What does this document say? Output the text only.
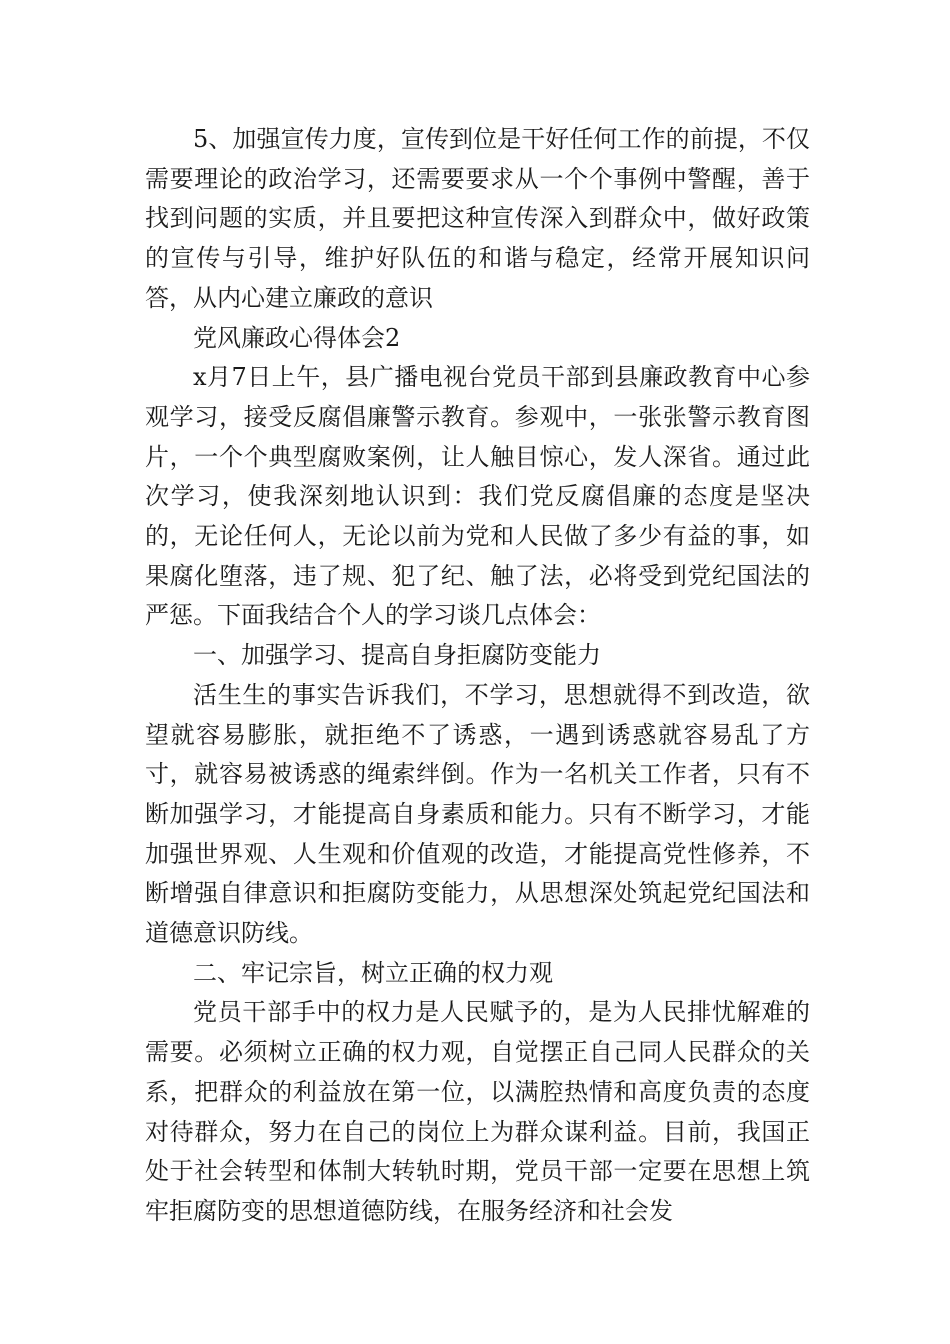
5、加强宣传力度，宣传到位是干好任何工作的前提，不仅需要理论的政治学习，还需要要求从一个个事例中警醒，善于找到问题的实质，并且要把这种宣传深入到群众中，做好政策的宣传与引导，维护好队伍的和谐与稳定，经常开展知识问答，从内心建立廉政的意识

党风廉政心得体会2

x月7日上午，县广播电视台党员干部到县廉政教育中心参观学习，接受反腐倡廉警示教育。参观中，一张张警示教育图片，一个个典型腐败案例，让人触目惊心，发人深省。通过此次学习，使我深刻地认识到：我们党反腐倡廉的态度是坚决的，无论任何人，无论以前为党和人民做了多少有益的事，如果腐化堕落，违了规、犯了纪、触了法，必将受到党纪国法的严惩。下面我结合个人的学习谈几点体会：

一、加强学习、提高自身拒腐防变能力

活生生的事实告诉我们，不学习，思想就得不到改造，欲望就容易膨胀，就拒绝不了诱惑，一遇到诱惑就容易乱了方寸，就容易被诱惑的绳索绊倒。作为一名机关工作者，只有不断加强学习，才能提高自身素质和能力。只有不断学习，才能加强世界观、人生观和价值观的改造，才能提高党性修养，不断增强自律意识和拒腐防变能力，从思想深处筑起党纪国法和道德意识防线。

二、牢记宗旨，树立正确的权力观

党员干部手中的权力是人民赋予的，是为人民排忧解难的需要。必须树立正确的权力观，自觉摆正自己同人民群众的关系，把群众的利益放在第一位，以满腔热情和高度负责的态度对待群众，努力在自己的岗位上为群众谋利益。目前，我国正处于社会转型和体制大转轨时期，党员干部一定要在思想上筑牢拒腐防变的思想道德防线，在服务经济和社会发
